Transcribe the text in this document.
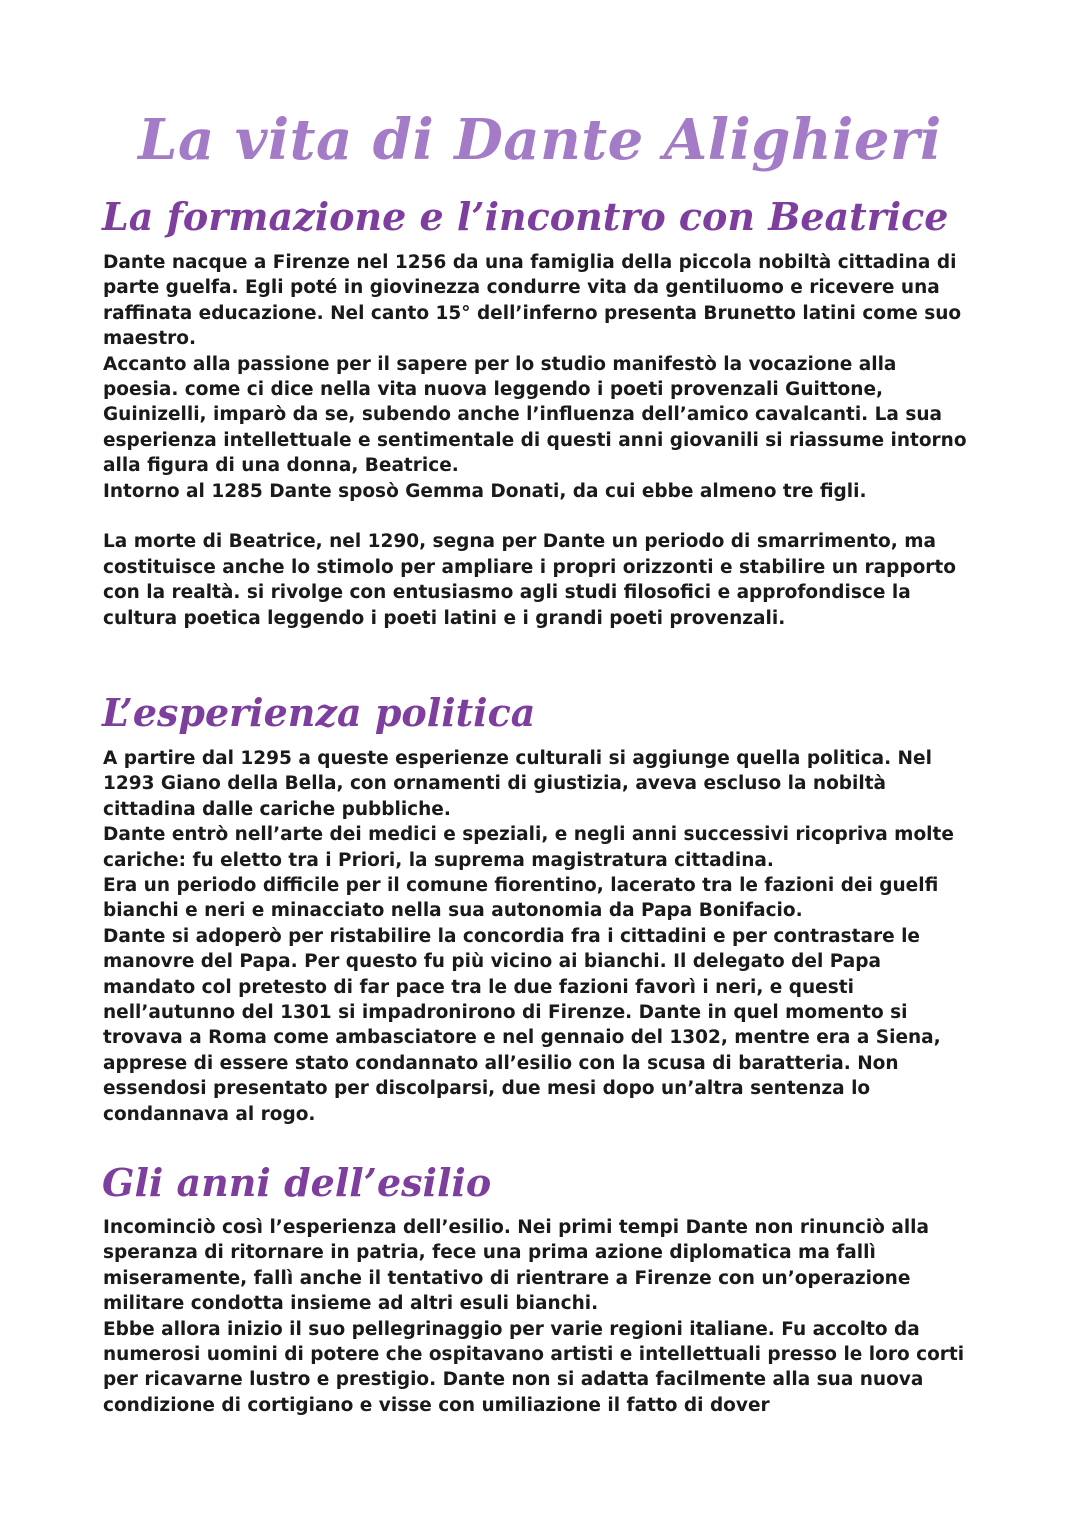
La vita di Dante Alighieri
La formazione e l’incontro con Beatrice

Dante nacque a Firenze nel 1256 da una famiglia della piccola nobiltà cittadina di parte guelfa. Egli poté in giovinezza condurre vita da gentiluomo e ricevere una raffinata educazione. Nel canto 15° dell’inferno presenta Brunetto latini come suo maestro.

Accanto alla passione per il sapere per lo studio manifestò la vocazione alla poesia. come ci dice nella vita nuova leggendo i poeti provenzali Guittone, Guinizelli, imparò da se, subendo anche l’influenza dell’amico cavalcanti. La sua esperienza intellettuale e sentimentale di questi anni giovanili si riassume intorno alla figura di una donna, Beatrice.

Intorno al 1285 Dante sposò Gemma Donati, da cui ebbe almeno tre figli.

La morte di Beatrice, nel 1290, segna per Dante un periodo di smarrimento, ma costituisce anche lo stimolo per ampliare i propri orizzonti e stabilire un rapporto con la realtà. si rivolge con entusiasmo agli studi filosofici e approfondisce la cultura poetica leggendo i poeti latini e i grandi poeti provenzali.

L’esperienza politica

A partire dal 1295 a queste esperienze culturali si aggiunge quella politica. Nel 1293 Giano della Bella, con ornamenti di giustizia, aveva escluso la nobiltà cittadina dalle cariche pubbliche.

Dante entrò nell’arte dei medici e speziali, e negli anni successivi ricopriva molte cariche: fu eletto tra i Priori, la suprema magistratura cittadina.

Era un periodo difficile per il comune fiorentino, lacerato tra le fazioni dei guelfi bianchi e neri e minacciato nella sua autonomia da Papa Bonifacio.

Dante si adoperò per ristabilire la concordia fra i cittadini e per contrastare le manovre del Papa. Per questo fu più vicino ai bianchi. Il delegato del Papa mandato col pretesto di far pace tra le due fazioni favorì i neri, e questi nell’autunno del 1301 si impadronirono di Firenze. Dante in quel momento si trovava a Roma come ambasciatore e nel gennaio del 1302, mentre era a Siena, apprese di essere stato condannato all’esilio con la scusa di baratteria. Non essendosi presentato per discolparsi, due mesi dopo un’altra sentenza lo condannava al rogo.

Gli anni dell’esilio

Incominciò così l’esperienza dell’esilio. Nei primi tempi Dante non rinunciò alla speranza di ritornare in patria, fece una prima azione diplomatica ma fallì miseramente, fallì anche il tentativo di rientrare a Firenze con un’operazione militare condotta insieme ad altri esuli bianchi.

Ebbe allora inizio il suo pellegrinaggio per varie regioni italiane. Fu accolto da numerosi uomini di potere che ospitavano artisti e intellettuali presso le loro corti per ricavarne lustro e prestigio. Dante non si adatta facilmente alla sua nuova condizione di cortigiano e visse con umiliazione il fatto di dover
